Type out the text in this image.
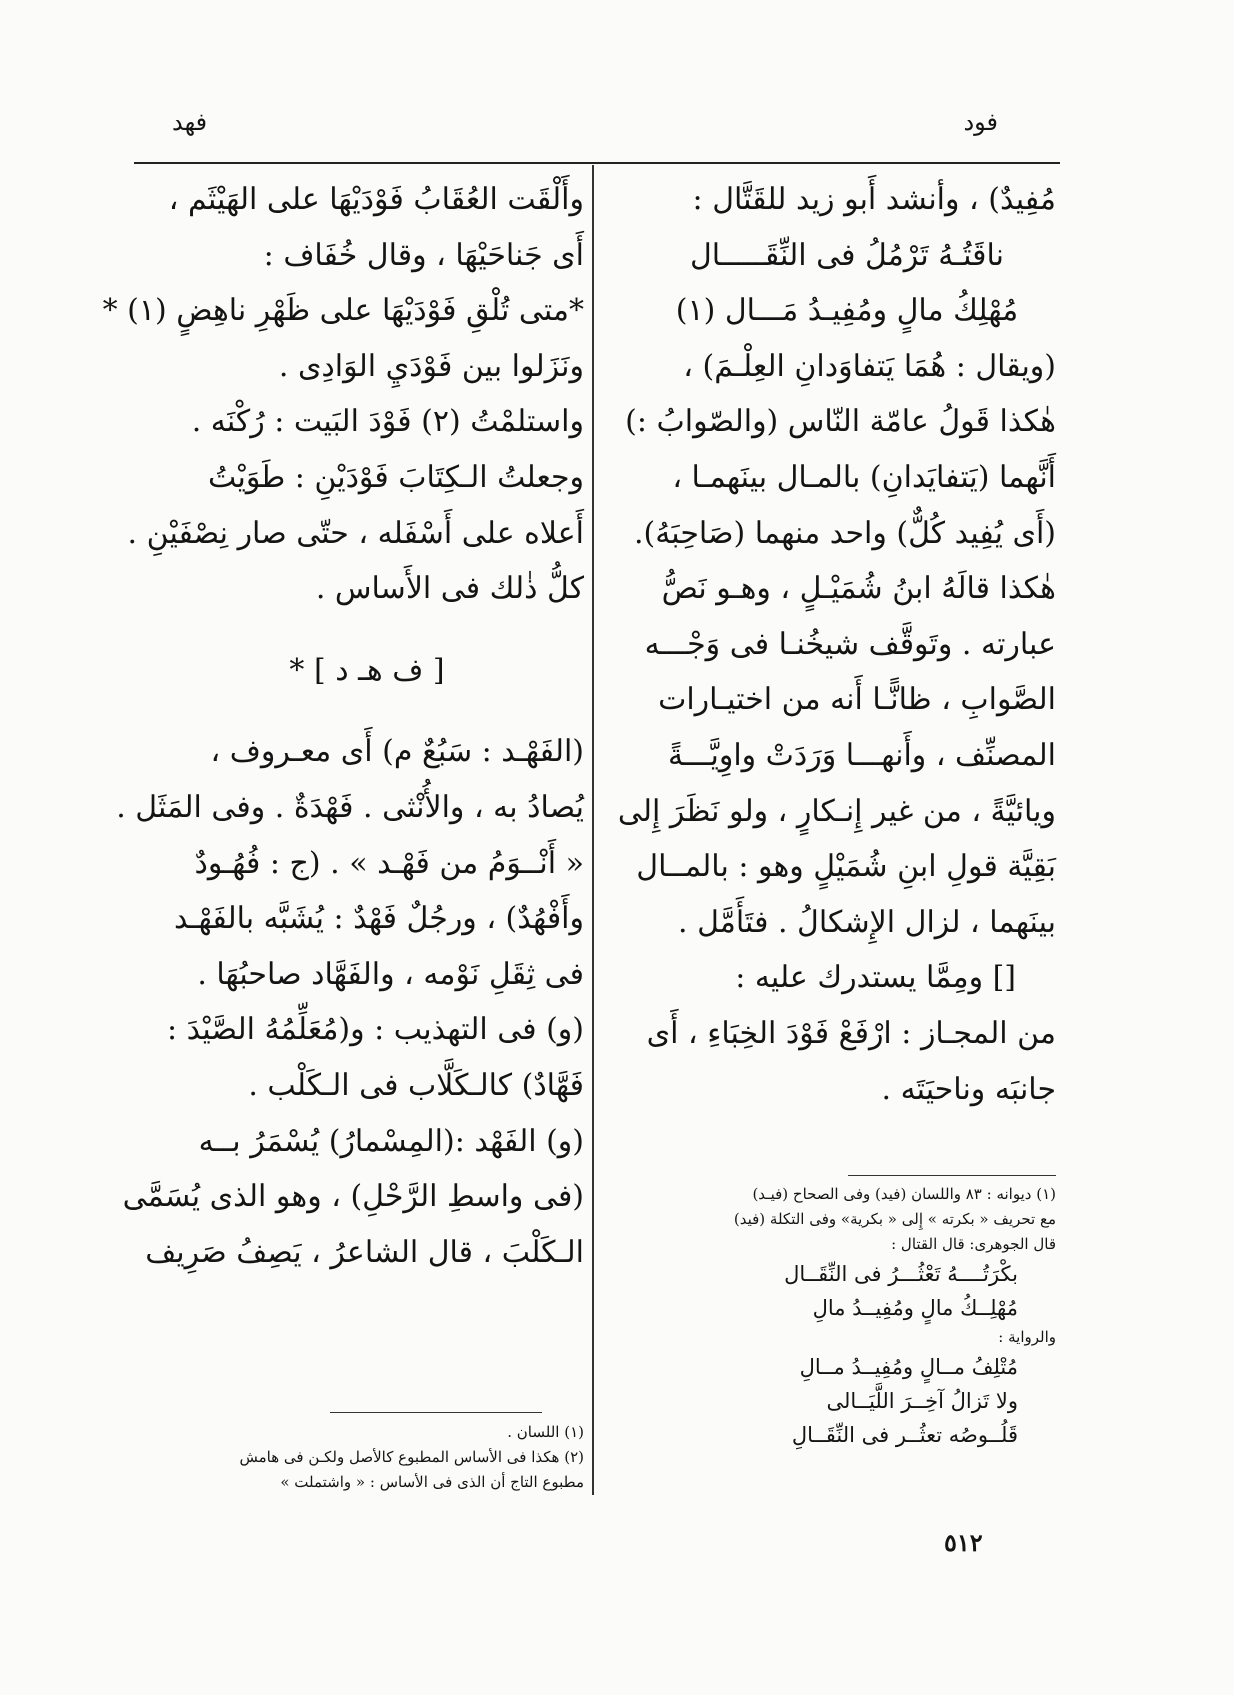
فود
فهد
مُفِيدٌ) ، وأنشد أَبو زيد للقَتَّال :
ناقَتُـهُ تَرْمُلُ فى النِّقَـــــال
مُهْلِكُ مالٍ ومُفِيـدُ مَـــال (١)
(ويقال : هُمَا يَتفاوَدانِ العِلْـمَ) ،
هٰكذا قَولُ عامّة النّاس (والصّوابُ :)
أَنَّهما (يَتفايَدانِ) بالمـال بينَهمـا ،
(أَى يُفِيد كُلٌّ) واحد منهما (صَاحِبَهُ).
هٰكذا قالَهُ ابنُ شُمَيْـلٍ ، وهـو نَصُّ
عبارته . وتَوقَّف شيخُنـا فى وَجْـــه
الصَّوابِ ، ظانًّـا أَنه من اختيـارات
المصنِّف ، وأَنهـــا وَرَدَتْ واوِيَّـــةً
ويائيَّةً ، من غير إِنـكارٍ ، ولو نَظَرَ إِلى
بَقِيَّة قولِ ابنِ شُمَيْلٍ وهو : بالمــال
بينَهما ، لزال الإِشكالُ . فتَأَمَّل .
[] ومِمَّا يستدرك عليه :
من المجـاز : ارْفَعْ فَوْدَ الخِبَاءِ ، أَى
جانبَه وناحيَتَه .
(١) ديوانه : ٨٣ واللسان (فيد) وفى الصحاح (فيـد)
مع تحريف « بكرته » إِلى « بكرية» وفى التكلة (فيد)
قال الجوهرى: قال القتال :
بكْرَتُــــهُ تَعْثُـــرُ فى النِّقَــال
مُهْلِــكُ مالٍ ومُفِيــدُ مالِ
والرواية :
مُتْلِفُ مــالٍ ومُفِيــدُ مــالِ
ولا تَزالُ آخِــرَ اللَّيَــالى
قَلُــوصُه تعثُــر فى النِّقَــالِ
وأَلْقَت العُقَابُ فَوْدَيْهَا على الهَيْثَم ،
أَى جَناحَيْهَا ، وقال خُفَاف :
*متى تُلْقِ فَوْدَيْهَا على ظَهْرِ ناهِضٍ (١) *
ونَزَلوا بين فَوْدَيِ الوَادِى .
واستلمْتُ (٢) فَوْدَ البَيت : رُكْنَه .
وجعلتُ الـكِتَابَ فَوْدَيْنِ : طَوَيْتُ
أَعلاه على أَسْفَله ، حتّى صار نِصْفَيْنِ .
كلُّ ذٰلك فى الأَساس .
[ ف هـ د ] *
(الفَهْـد : سَبُعٌ م) أَى معـروف ،
يُصادُ به ، والأُنْثى . فَهْدَةٌ . وفى المَثَل .
« أَنْــوَمُ من فَهْـد » . (ج : فُهُـودٌ
وأَفْهُدٌ) ، ورجُلٌ فَهْدٌ : يُشَبَّه بالفَهْـد
فى ثِقَلِ نَوْمه ، والفَهَّاد صاحبُهَا .
(و) فى التهذيب : و(مُعَلِّمُهُ الصَّيْدَ :
فَهَّادٌ) كالـكَلَّاب فى الـكَلْب .
(و) الفَهْد :(المِسْمارُ) يُسْمَرُ بــه
(فى واسطِ الرَّحْلِ) ، وهو الذى يُسَمَّى
الـكَلْبَ ، قال الشاعرُ ، يَصِفُ صَرِيف
(١) اللسان .
(٢) هكذا فى الأساس المطبوع كالأصل ولكـن فى هامش
مطبوع التاج أن الذى فى الأساس : « واشتملت »
٥١٢
